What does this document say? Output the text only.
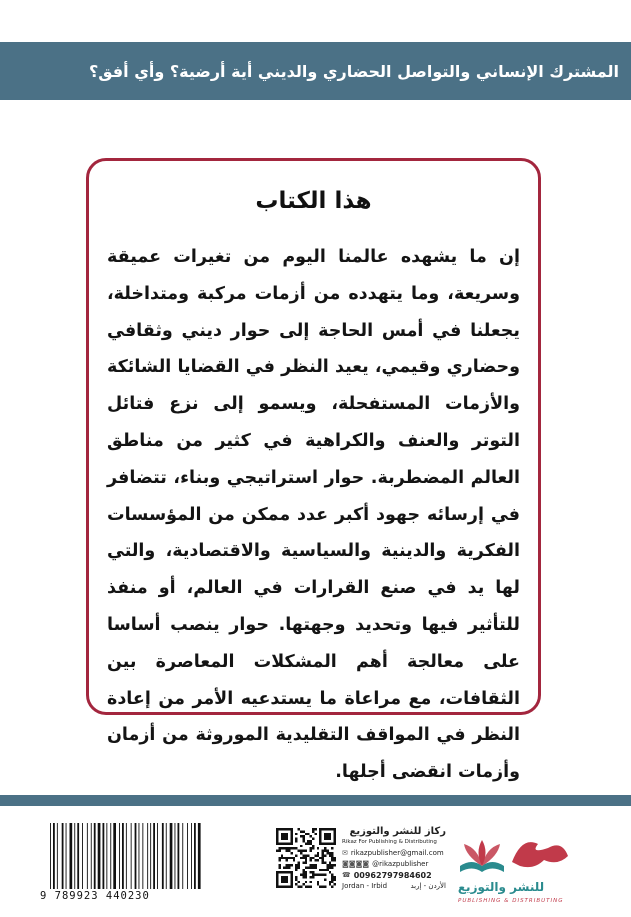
المشترك الإنساني والتواصل الحضاري والديني أية أرضية؟ وأي أفق؟
هذا الكتاب
إن ما يشهده عالمنا اليوم من تغيرات عميقة وسريعة، وما يتهدده من أزمات مركبة ومتداخلة، يجعلنا في أمس الحاجة إلى حوار ديني وثقافي وحضاري وقيمي، يعيد النظر في القضايا الشائكة والأزمات المستفحلة، ويسمو إلى نزع فتائل التوتر والعنف والكراهية في كثير من مناطق العالم المضطربة. حوار استراتيجي وبناء، تتضافر في إرسائه جهود أكبر عدد ممكن من المؤسسات الفكرية والدينية والسياسية والاقتصادية، والتي لها يد في صنع القرارات في العالم، أو منفذ للتأثير فيها وتحديد وجهتها. حوار ينصب أساسا على معالجة أهم المشكلات المعاصرة بين الثقافات، مع مراعاة ما يستدعيه الأمر من إعادة النظر في المواقف التقليدية الموروثة من أزمان وأزمات انقضى أجلها.
9 789923 440230
ركاز للنشر والتوزيع
Rikaz For Publishing & Distributing
✉ rikazpublisher@gmail.com
◙◙◙◙ @rikazpublisher
☎ 00962797984602
Jordan - Irbid	الأردن - إربد للنشر والتوزيع
PUBLISHING & DISTRIBUTING
